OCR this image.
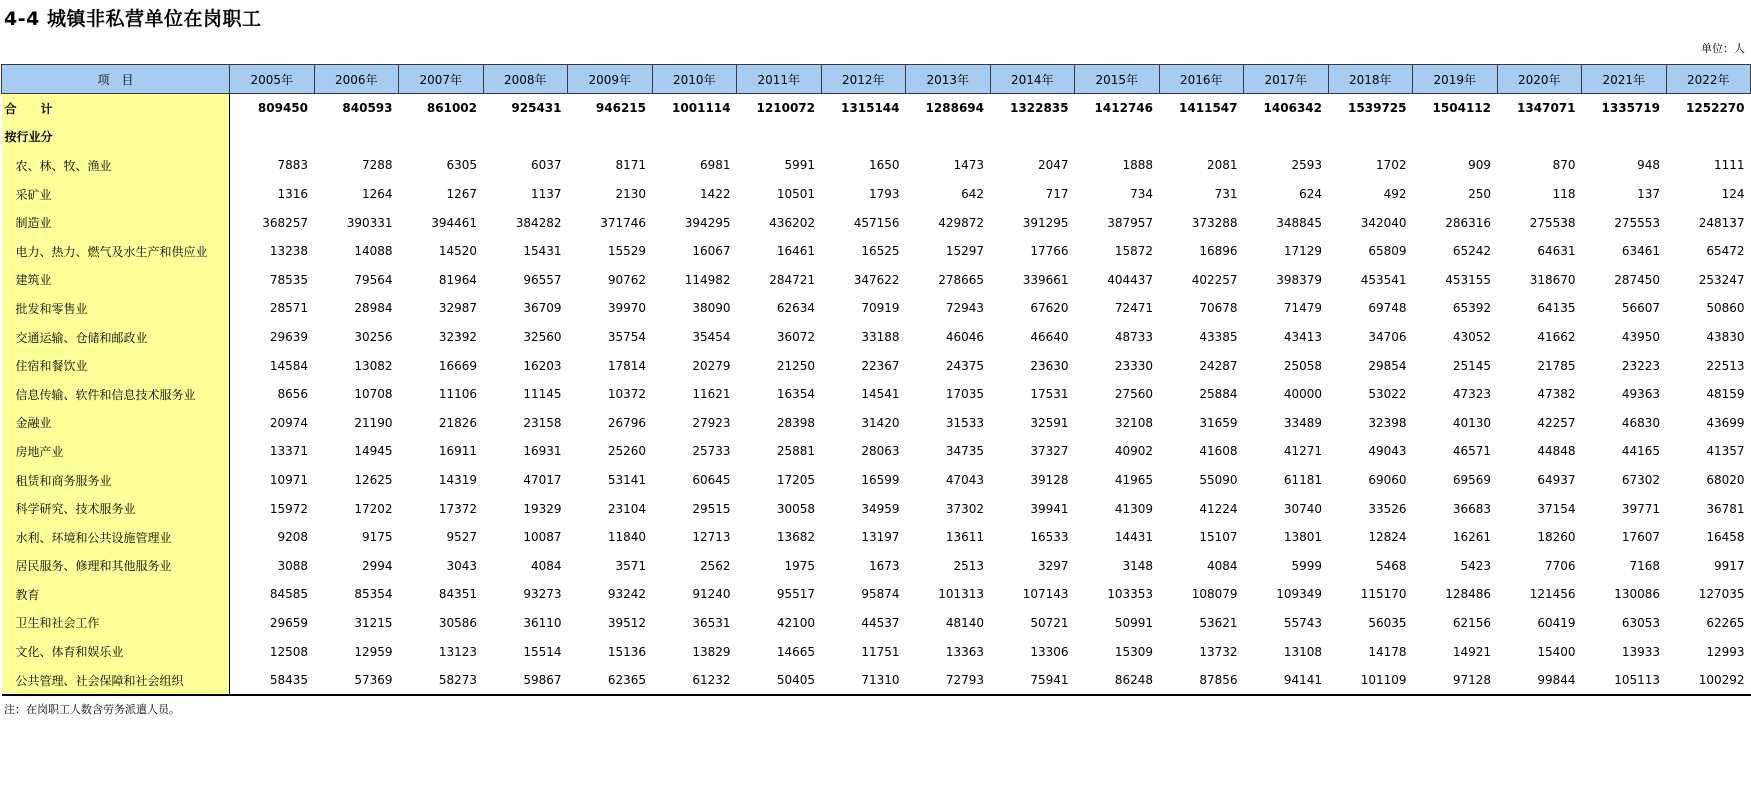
4-4 城镇非私营单位在岗职工
单位：人
项　目	2005年	2006年	2007年	2008年	2009年	2010年	2011年	2012年	2013年	2014年	2015年	2016年	2017年	2018年	2019年	2020年	2021年	2022年
合　　计	809450	840593	861002	925431	946215	1001114	1210072	1315144	1288694	1322835	1412746	1411547	1406342	1539725	1504112	1347071	1335719	1252270
按行业分																		
农、林、牧、渔业	7883	7288	6305	6037	8171	6981	5991	1650	1473	2047	1888	2081	2593	1702	909	870	948	1111
采矿业	1316	1264	1267	1137	2130	1422	10501	1793	642	717	734	731	624	492	250	118	137	124
制造业	368257	390331	394461	384282	371746	394295	436202	457156	429872	391295	387957	373288	348845	342040	286316	275538	275553	248137
电力、热力、燃气及水生产和供应业	13238	14088	14520	15431	15529	16067	16461	16525	15297	17766	15872	16896	17129	65809	65242	64631	63461	65472
建筑业	78535	79564	81964	96557	90762	114982	284721	347622	278665	339661	404437	402257	398379	453541	453155	318670	287450	253247
批发和零售业	28571	28984	32987	36709	39970	38090	62634	70919	72943	67620	72471	70678	71479	69748	65392	64135	56607	50860
交通运输、仓储和邮政业	29639	30256	32392	32560	35754	35454	36072	33188	46046	46640	48733	43385	43413	34706	43052	41662	43950	43830
住宿和餐饮业	14584	13082	16669	16203	17814	20279	21250	22367	24375	23630	23330	24287	25058	29854	25145	21785	23223	22513
信息传输、软件和信息技术服务业	8656	10708	11106	11145	10372	11621	16354	14541	17035	17531	27560	25884	40000	53022	47323	47382	49363	48159
金融业	20974	21190	21826	23158	26796	27923	28398	31420	31533	32591	32108	31659	33489	32398	40130	42257	46830	43699
房地产业	13371	14945	16911	16931	25260	25733	25881	28063	34735	37327	40902	41608	41271	49043	46571	44848	44165	41357
租赁和商务服务业	10971	12625	14319	47017	53141	60645	17205	16599	47043	39128	41965	55090	61181	69060	69569	64937	67302	68020
科学研究、技术服务业	15972	17202	17372	19329	23104	29515	30058	34959	37302	39941	41309	41224	30740	33526	36683	37154	39771	36781
水利、环境和公共设施管理业	9208	9175	9527	10087	11840	12713	13682	13197	13611	16533	14431	15107	13801	12824	16261	18260	17607	16458
居民服务、修理和其他服务业	3088	2994	3043	4084	3571	2562	1975	1673	2513	3297	3148	4084	5999	5468	5423	7706	7168	9917
教育	84585	85354	84351	93273	93242	91240	95517	95874	101313	107143	103353	108079	109349	115170	128486	121456	130086	127035
卫生和社会工作	29659	31215	30586	36110	39512	36531	42100	44537	48140	50721	50991	53621	55743	56035	62156	60419	63053	62265
文化、体育和娱乐业	12508	12959	13123	15514	15136	13829	14665	11751	13363	13306	15309	13732	13108	14178	14921	15400	13933	12993
公共管理、社会保障和社会组织	58435	57369	58273	59867	62365	61232	50405	71310	72793	75941	86248	87856	94141	101109	97128	99844	105113	100292
注：在岗职工人数含劳务派遣人员。
